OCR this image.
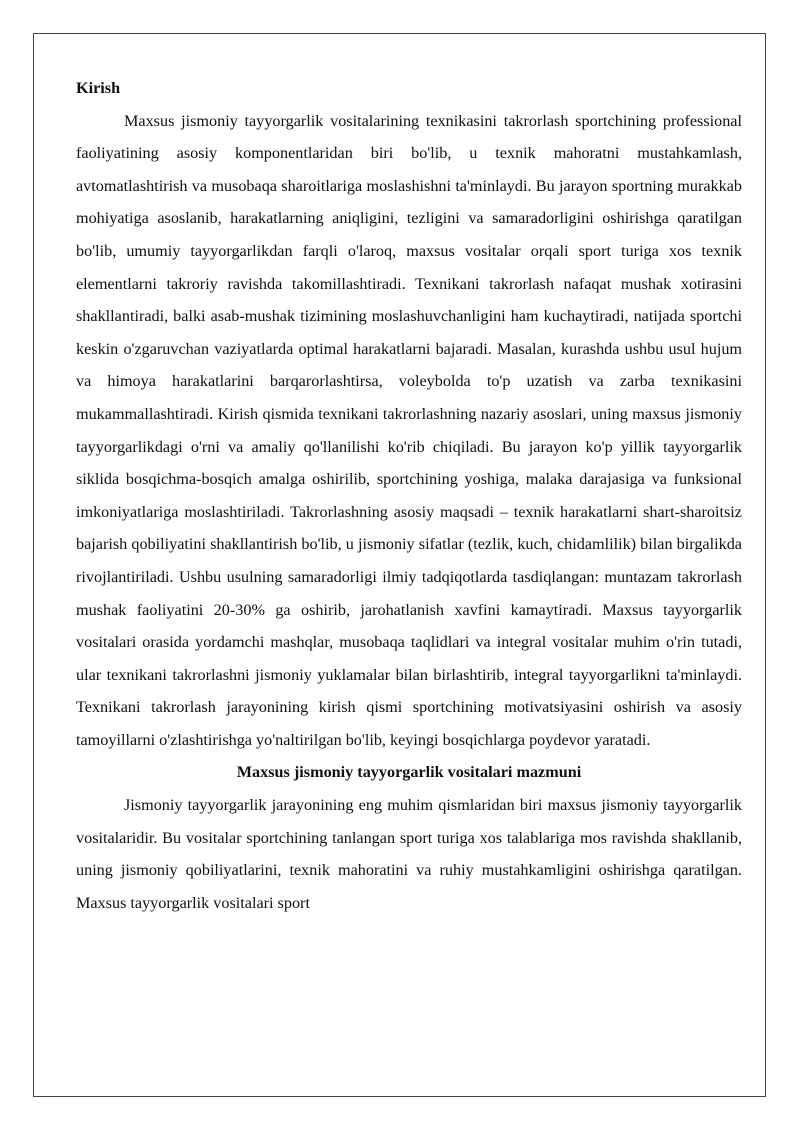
Kirish

Maxsus jismoniy tayyorgarlik vositalarining texnikasini takrorlash sportchining professional faoliyatining asosiy komponentlaridan biri bo'lib, u texnik mahoratni mustahkamlash, avtomatlashtirish va musobaqa sharoitlariga moslashishni ta'minlaydi. Bu jarayon sportning murakkab mohiyatiga asoslanib, harakatlarning aniqligini, tezligini va samaradorligini oshirishga qaratilgan bo'lib, umumiy tayyorgarlikdan farqli o'laroq, maxsus vositalar orqali sport turiga xos texnik elementlarni takroriy ravishda takomillashtiradi. Texnikani takrorlash nafaqat mushak xotirasini shakllantiradi, balki asab-mushak tizimining moslashuvchanligini ham kuchaytiradi, natijada sportchi keskin o'zgaruvchan vaziyatlarda optimal harakatlarni bajaradi. Masalan, kurashda ushbu usul hujum va himoya harakatlarini barqarorlashtirsa, voleybolda to'p uzatish va zarba texnikasini mukammallashtiradi. Kirish qismida texnikani takrorlashning nazariy asoslari, uning maxsus jismoniy tayyorgarlikdagi o'rni va amaliy qo'llanilishi ko'rib chiqiladi. Bu jarayon ko'p yillik tayyorgarlik siklida bosqichma-bosqich amalga oshirilib, sportchining yoshiga, malaka darajasiga va funksional imkoniyatlariga moslashtiriladi. Takrorlashning asosiy maqsadi – texnik harakatlarni shart-sharoitsiz bajarish qobiliyatini shakllantirish bo'lib, u jismoniy sifatlar (tezlik, kuch, chidamlilik) bilan birgalikda rivojlantiriladi. Ushbu usulning samaradorligi ilmiy tadqiqotlarda tasdiqlangan: muntazam takrorlash mushak faoliyatini 20-30% ga oshirib, jarohatlanish xavfini kamaytiradi. Maxsus tayyorgarlik vositalari orasida yordamchi mashqlar, musobaqa taqlidlari va integral vositalar muhim o'rin tutadi, ular texnikani takrorlashni jismoniy yuklamalar bilan birlashtirib, integral tayyorgarlikni ta'minlaydi. Texnikani takrorlash jarayonining kirish qismi sportchining motivatsiyasini oshirish va asosiy tamoyillarni o'zlashtirishga yo'naltirilgan bo'lib, keyingi bosqichlarga poydevor yaratadi.

Maxsus jismoniy tayyorgarlik vositalari mazmuni

Jismoniy tayyorgarlik jarayonining eng muhim qismlaridan biri maxsus jismoniy tayyorgarlik vositalaridir. Bu vositalar sportchining tanlangan sport turiga xos talablariga mos ravishda shakllanib, uning jismoniy qobiliyatlarini, texnik mahoratini va ruhiy mustahkamligini oshirishga qaratilgan. Maxsus tayyorgarlik vositalari sport
